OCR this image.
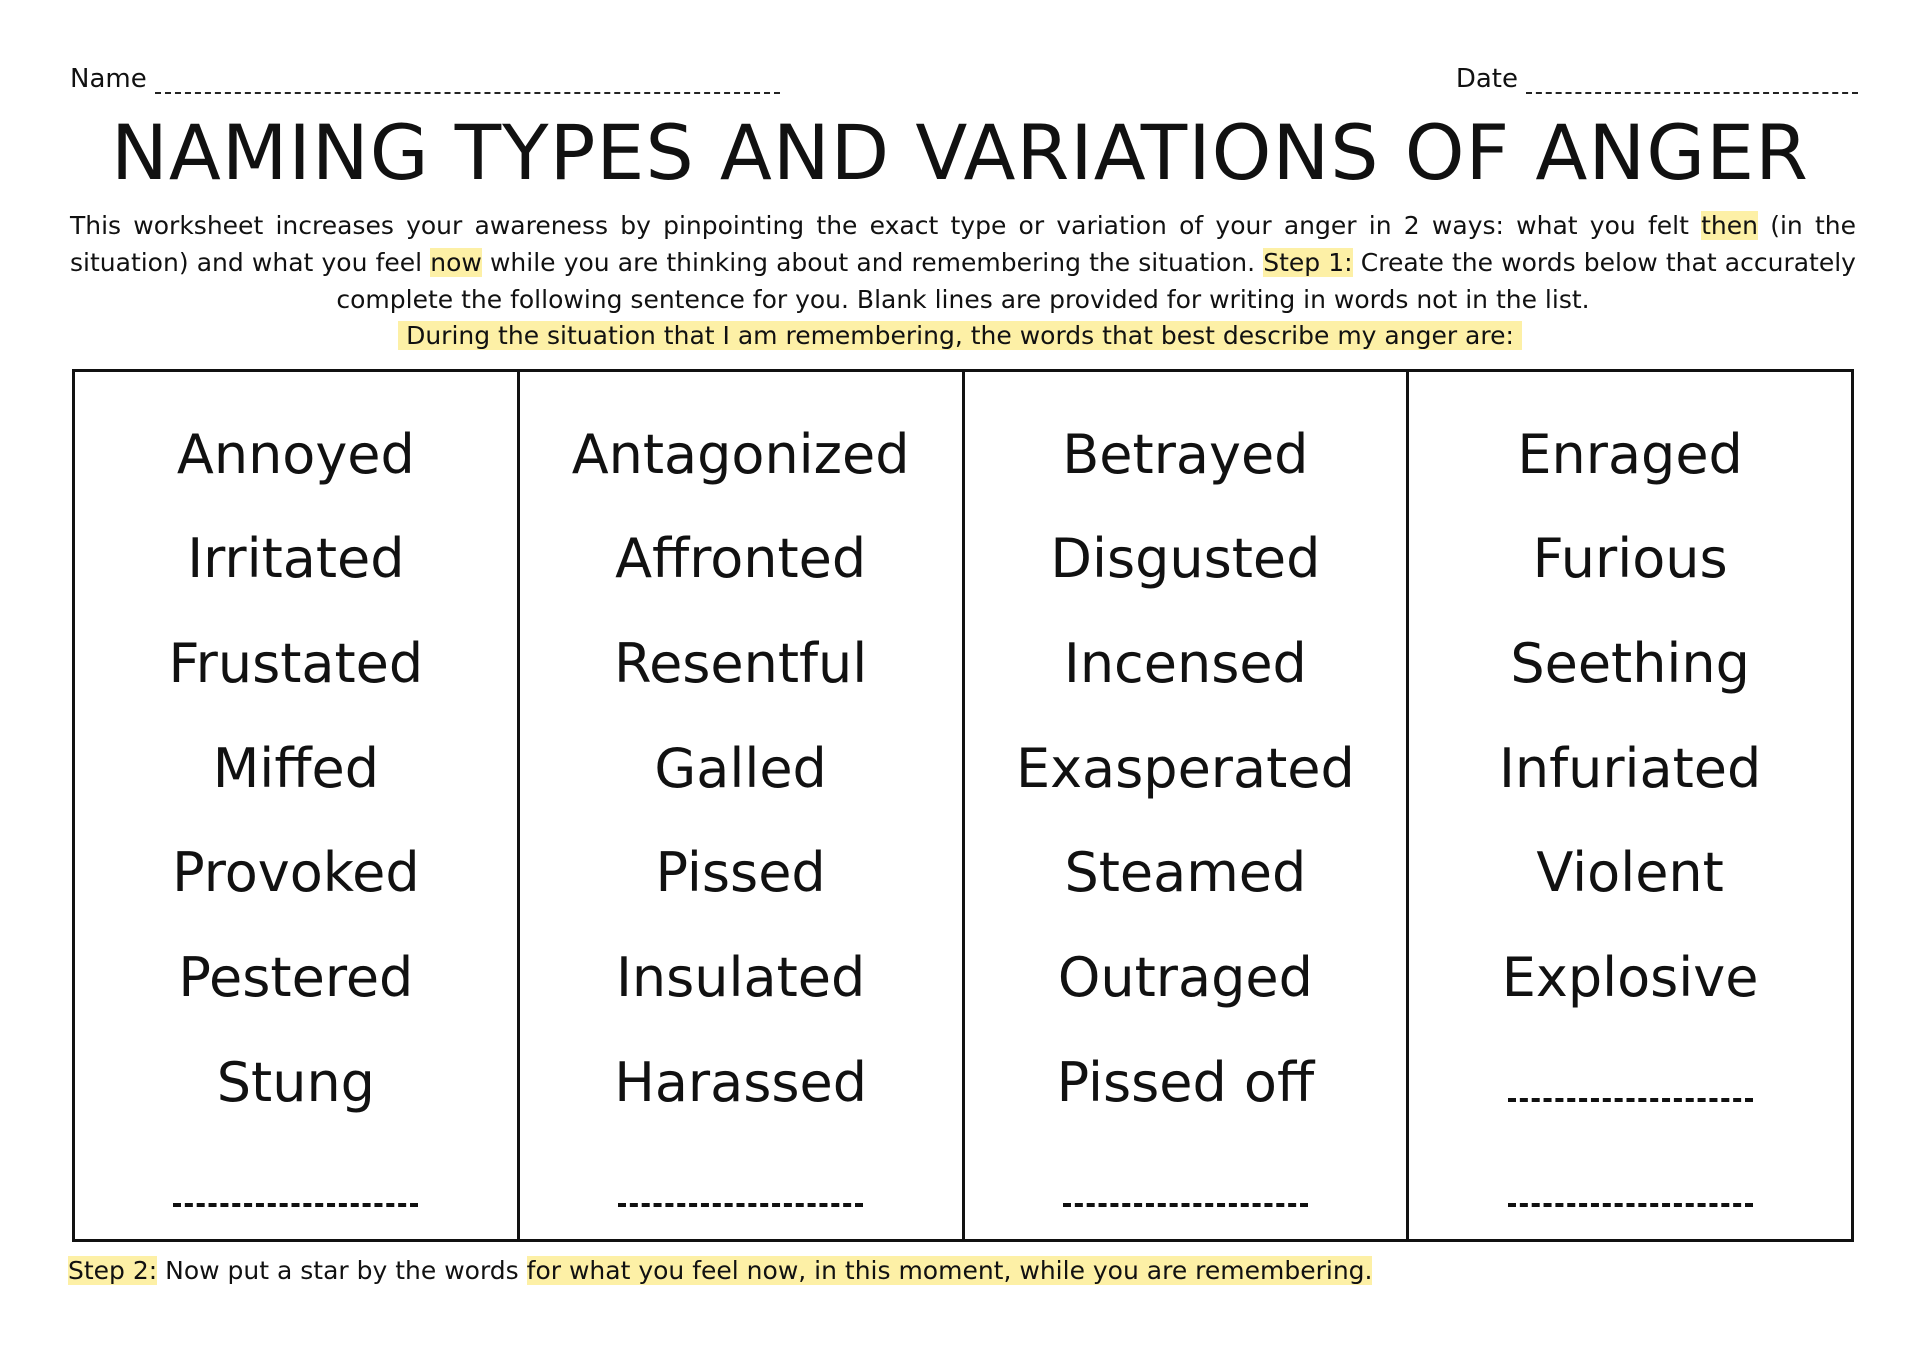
Name	Date
NAMING TYPES AND VARIATIONS OF ANGER

This worksheet increases your awareness by pinpointing the exact type or variation of your anger in 2 ways: what you felt then (in the situation) and what you feel now while you are thinking about and remembering the situation. Step 1: Create the words below that accurately complete the following sentence for you. Blank lines are provided for writing in words not in the list.

During the situation that I am remembering, the words that best describe my anger are:
Annoyed
Irritated
Frustated
Miffed
Provoked
Pestered
Stung
Antagonized
Affronted
Resentful
Galled
Pissed
Insulated
Harassed
Betrayed
Disgusted
Incensed
Exasperated
Steamed
Outraged
Pissed off
Enraged
Furious
Seething
Infuriated
Violent
Explosive
Step 2: Now put a star by the words for what you feel now, in this moment, while you are remembering.
